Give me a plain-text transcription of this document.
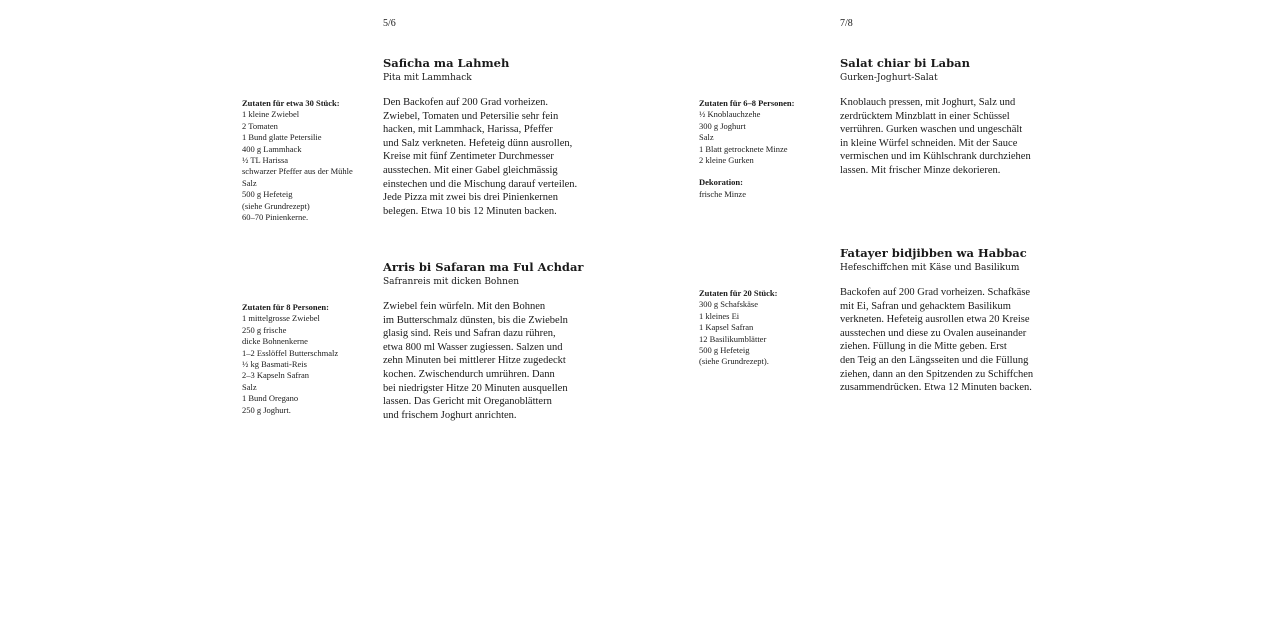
5/6

Saficha ma Lahmeh

Pita mit Lammhack

Zutaten für etwa 30 Stück:
1 kleine Zwiebel
2 Tomaten
1 Bund glatte Petersilie
400 g Lammhack
½ TL Harissa
schwarzer Pfeffer aus der Mühle
Salz
500 g Hefeteig
(siehe Grundrezept)
60–70 Pinienkerne.

Den Backofen auf 200 Grad vorheizen.
Zwiebel, Tomaten und Petersilie sehr fein
hacken, mit Lammhack, Harissa, Pfeffer
und Salz verkneten. Hefeteig dünn ausrollen,
Kreise mit fünf Zentimeter Durchmesser
ausstechen. Mit einer Gabel gleichmässig
einstechen und die Mischung darauf verteilen.
Jede Pizza mit zwei bis drei Pinienkernen
belegen. Etwa 10 bis 12 Minuten backen.

Arris bi Safaran ma Ful Achdar

Safranreis mit dicken Bohnen

Zutaten für 8 Personen:
1 mittelgrosse Zwiebel
250 g frische
dicke Bohnenkerne
1–2 Esslöffel Butterschmalz
½ kg Basmati-Reis
2–3 Kapseln Safran
Salz
1 Bund Oregano
250 g Joghurt.

Zwiebel fein würfeln. Mit den Bohnen
im Butterschmalz dünsten, bis die Zwiebeln
glasig sind. Reis und Safran dazu rühren,
etwa 800 ml Wasser zugiessen. Salzen und
zehn Minuten bei mittlerer Hitze zugedeckt
kochen. Zwischendurch umrühren. Dann
bei niedrigster Hitze 20 Minuten ausquellen
lassen. Das Gericht mit Oreganoblättern
und frischem Joghurt anrichten.

7/8

Salat chiar bi Laban

Gurken-Joghurt-Salat

Zutaten für 6–8 Personen:
½ Knoblauchzehe
300 g Joghurt
Salz
1 Blatt getrocknete Minze
2 kleine Gurken
Dekoration:
frische Minze

Knoblauch pressen, mit Joghurt, Salz und
zerdrücktem Minzblatt in einer Schüssel
verrühren. Gurken waschen und ungeschält
in kleine Würfel schneiden. Mit der Sauce
vermischen und im Kühlschrank durchziehen
lassen. Mit frischer Minze dekorieren.

Fatayer bidjibben wa Habbac

Hefeschiffchen mit Käse und Basilikum

Zutaten für 20 Stück:
300 g Schafskäse
1 kleines Ei
1 Kapsel Safran
12 Basilikumblätter
500 g Hefeteig
(siehe Grundrezept).

Backofen auf 200 Grad vorheizen. Schafkäse
mit Ei, Safran und gehacktem Basilikum
verkneten. Hefeteig ausrollen etwa 20 Kreise
ausstechen und diese zu Ovalen auseinander
ziehen. Füllung in die Mitte geben. Erst
den Teig an den Längsseiten und die Füllung
ziehen, dann an den Spitzenden zu Schiffchen
zusammendrücken. Etwa 12 Minuten backen.
